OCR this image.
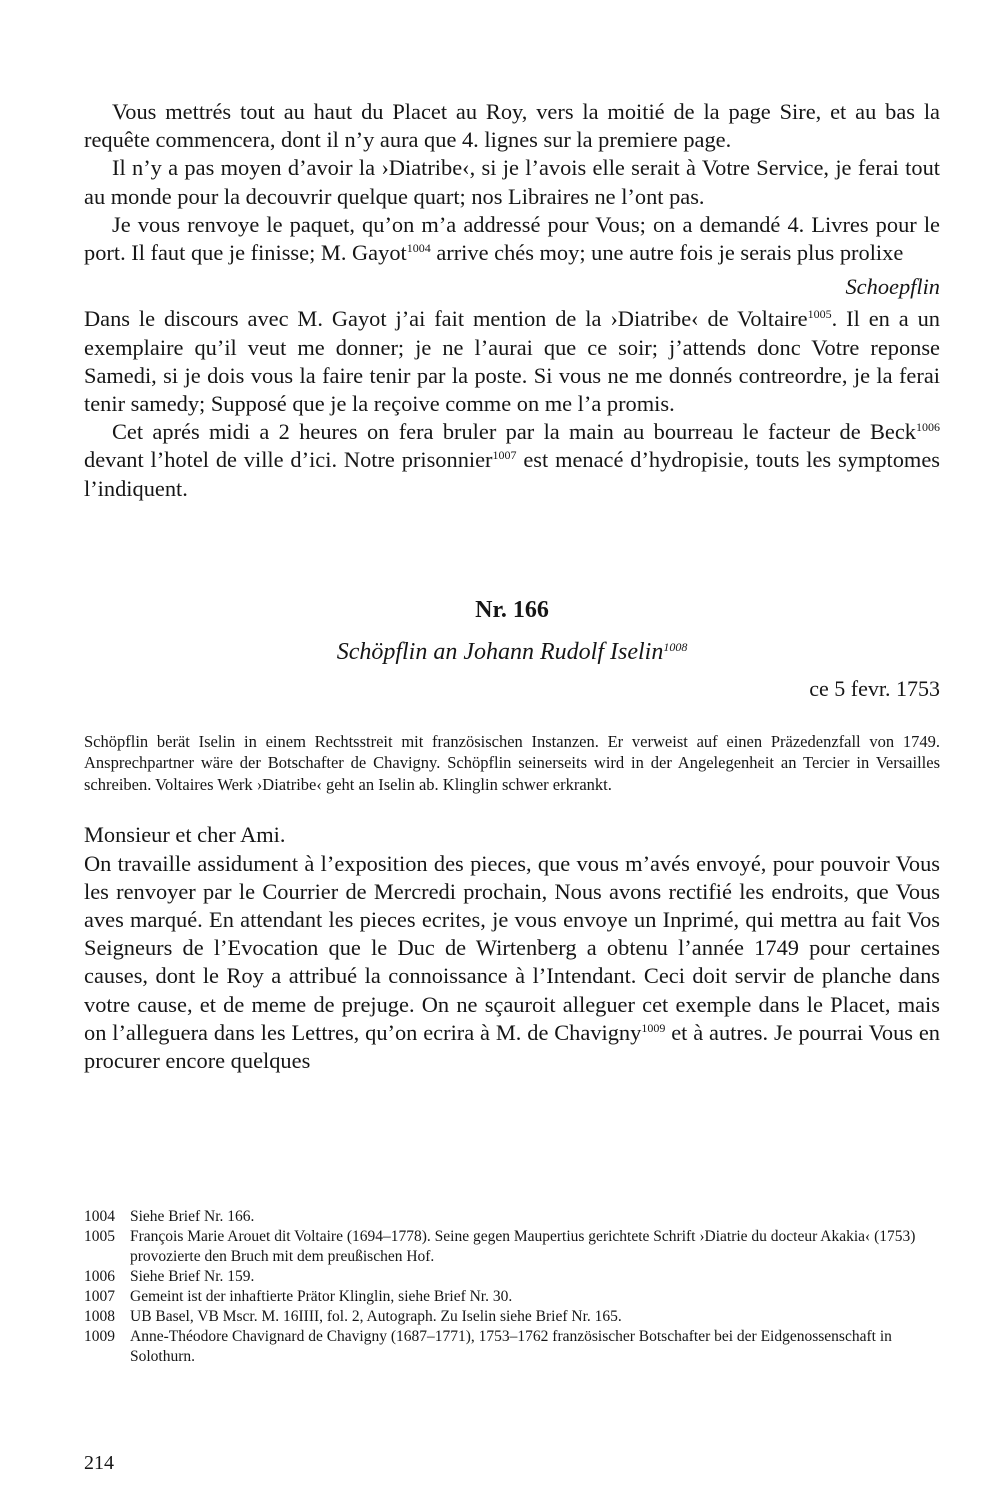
Vous mettrés tout au haut du Placet au Roy, vers la moitié de la page Sire, et au bas la requête commencera, dont il n’y aura que 4. lignes sur la premiere page.

Il n’y a pas moyen d’avoir la ›Diatribe‹, si je l’avois elle serait à Votre Service, je ferai tout au monde pour la decouvrir quelque quart; nos Libraires ne l’ont pas.

Je vous renvoye le paquet, qu’on m’a addressé pour Vous; on a demandé 4. Livres pour le port. Il faut que je finisse; M. Gayot$^{1004}$ arrive chés moy; une autre fois je serais plus prolixe

Schoepflin

Dans le discours avec M. Gayot j’ai fait mention de la ›Diatribe‹ de Voltaire$^{1005}$. Il en a un exemplaire qu’il veut me donner; je ne l’aurai que ce soir; j’attends donc Votre reponse Samedi, si je dois vous la faire tenir par la poste. Si vous ne me donnés contreordre, je la ferai tenir samedy; Supposé que je la reçoive comme on me l’a promis.

Cet aprés midi a 2 heures on fera bruler par la main au bourreau le facteur de Beck$^{1006}$ devant l’hotel de ville d’ici. Notre prisonnier$^{1007}$ est menacé d’hydropisie, touts les symptomes l’indiquent.

Nr. 166
Schöpflin an Johann Rudolf Iselin$^{1008}$
ce 5 fevr. 1753

Schöpflin berät Iselin in einem Rechtsstreit mit französischen Instanzen. Er verweist auf einen Präzedenzfall von 1749. Ansprechpartner wäre der Botschafter de Chavigny. Schöpflin seinerseits wird in der Angelegenheit an Tercier in Versailles schreiben. Voltaires Werk ›Diatribe‹ geht an Iselin ab. Klinglin schwer erkrankt.

Monsieur et cher Ami.

On travaille assidument à l’exposition des pieces, que vous m’avés envoyé, pour pouvoir Vous les renvoyer par le Courrier de Mercredi prochain, Nous avons rectifié les endroits, que Vous aves marqué. En attendant les pieces ecrites, je vous envoye un Inprimé, qui mettra au fait Vos Seigneurs de l’Evocation que le Duc de Wirtenberg a obtenu l’année 1749 pour certaines causes, dont le Roy a attribué la connoissance à l’Intendant. Ceci doit servir de planche dans votre cause, et de meme de prejuge. On ne sçauroit alleguer cet exemple dans le Placet, mais on l’alleguera dans les Lettres, qu’on ecrira à M. de Chavigny$^{1009}$ et à autres. Je pourrai Vous en procurer encore quelques

1004 Siehe Brief Nr. 166.
1005 François Marie Arouet dit Voltaire (1694–1778). Seine gegen Maupertius gerichtete Schrift ›Diatrie du docteur Akakia‹ (1753) provozierte den Bruch mit dem preußischen Hof.
1006 Siehe Brief Nr. 159.
1007 Gemeint ist der inhaftierte Prätor Klinglin, siehe Brief Nr. 30.
1008 UB Basel, VB Mscr. M. 16IIII, fol. 2, Autograph. Zu Iselin siehe Brief Nr. 165.
1009 Anne-Théodore Chavignard de Chavigny (1687–1771), 1753–1762 französischer Botschafter bei der Eidgenossenschaft in Solothurn.
214
